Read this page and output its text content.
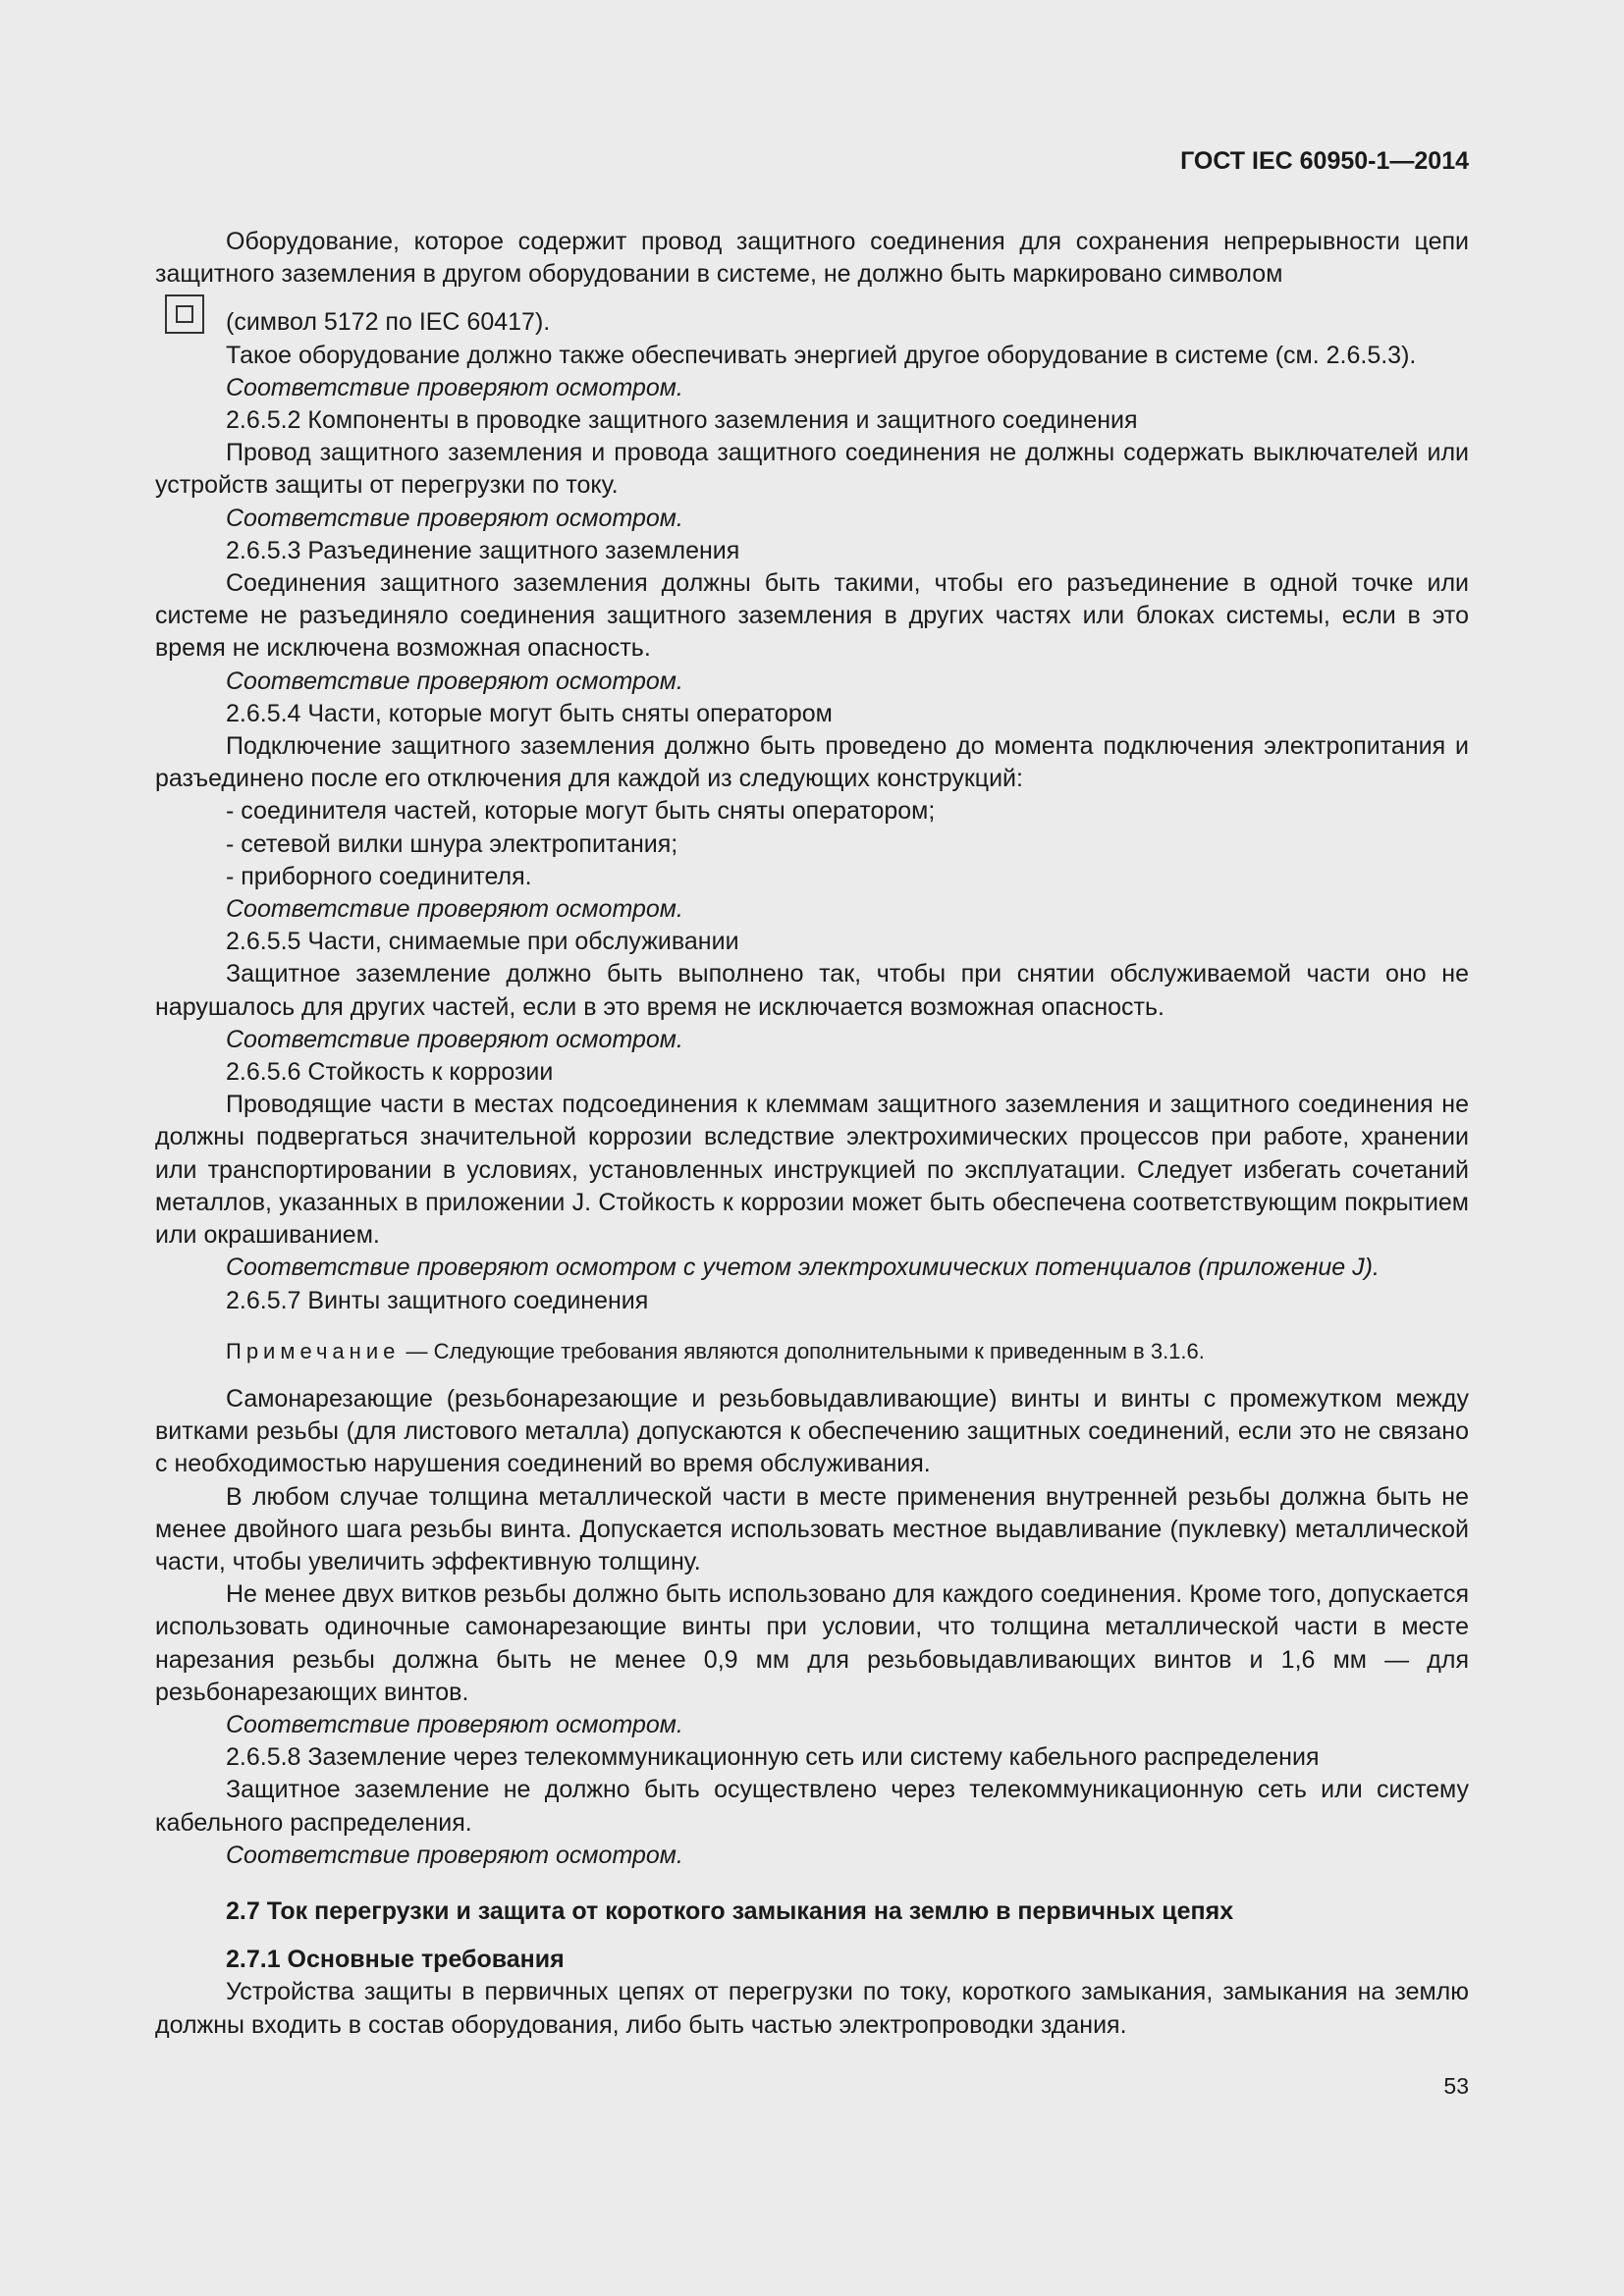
ГОСТ IEC 60950-1—2014

Оборудование, которое содержит провод защитного соединения для сохранения непрерывности цепи защитного заземления в другом оборудовании в системе, не должно быть маркировано символом

(символ 5172 по IEC 60417).

Такое оборудование должно также обеспечивать энергией другое оборудование в системе (см. 2.6.5.3).

Соответствие проверяют осмотром.

2.6.5.2 Компоненты в проводке защитного заземления и защитного соединения

Провод защитного заземления и провода защитного соединения не должны содержать выключателей или устройств защиты от перегрузки по току.

Соответствие проверяют осмотром.

2.6.5.3 Разъединение защитного заземления

Соединения защитного заземления должны быть такими, чтобы его разъединение в одной точке или системе не разъединяло соединения защитного заземления в других частях или блоках системы, если в это время не исключена возможная опасность.

Соответствие проверяют осмотром.

2.6.5.4 Части, которые могут быть сняты оператором

Подключение защитного заземления должно быть проведено до момента подключения электропитания и разъединено после его отключения для каждой из следующих конструкций:

- соединителя частей, которые могут быть сняты оператором;

- сетевой вилки шнура электропитания;

- приборного соединителя.

Соответствие проверяют осмотром.

2.6.5.5 Части, снимаемые при обслуживании

Защитное заземление должно быть выполнено так, чтобы при снятии обслуживаемой части оно не нарушалось для других частей, если в это время не исключается возможная опасность.

Соответствие проверяют осмотром.

2.6.5.6 Стойкость к коррозии

Проводящие части в местах подсоединения к клеммам защитного заземления и защитного соединения не должны подвергаться значительной коррозии вследствие электрохимических процессов при работе, хранении или транспортировании в условиях, установленных инструкцией по эксплуатации. Следует избегать сочетаний металлов, указанных в приложении J. Стойкость к коррозии может быть обеспечена соответствующим покрытием или окрашиванием.

Соответствие проверяют осмотром с учетом электрохимических потенциалов (приложение J).

2.6.5.7 Винты защитного соединения

Примечание — Следующие требования являются дополнительными к приведенным в 3.1.6.

Самонарезающие (резьбонарезающие и резьбовыдавливающие) винты и винты с промежутком между витками резьбы (для листового металла) допускаются к обеспечению защитных соединений, если это не связано с необходимостью нарушения соединений во время обслуживания.

В любом случае толщина металлической части в месте применения внутренней резьбы должна быть не менее двойного шага резьбы винта. Допускается использовать местное выдавливание (пуклевку) металлической части, чтобы увеличить эффективную толщину.

Не менее двух витков резьбы должно быть использовано для каждого соединения. Кроме того, допускается использовать одиночные самонарезающие винты при условии, что толщина металлической части в месте нарезания резьбы должна быть не менее 0,9 мм для резьбовыдавливающих винтов и 1,6 мм — для резьбонарезающих винтов.

Соответствие проверяют осмотром.

2.6.5.8 Заземление через телекоммуникационную сеть или систему кабельного распределения

Защитное заземление не должно быть осуществлено через телекоммуникационную сеть или систему кабельного распределения.

Соответствие проверяют осмотром.

2.7 Ток перегрузки и защита от короткого замыкания на землю в первичных цепях

2.7.1 Основные требования

Устройства защиты в первичных цепях от перегрузки по току, короткого замыкания, замыкания на землю должны входить в состав оборудования, либо быть частью электропроводки здания.

53
